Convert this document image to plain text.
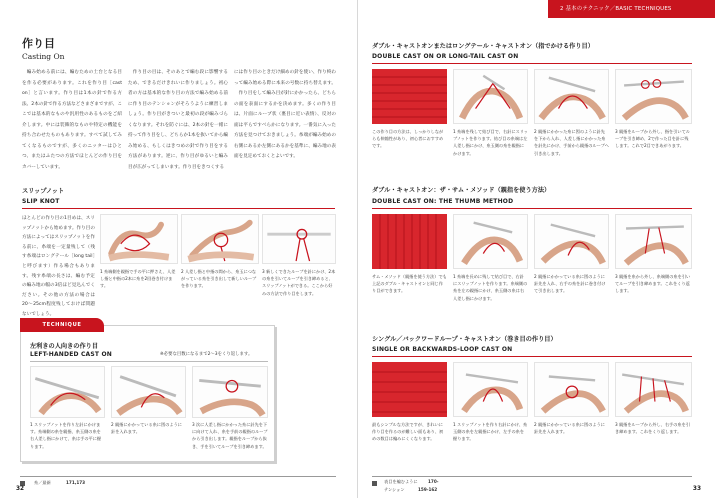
作り目
Casting On
　編み始める前には、編むための土台となる目を作る必要があります。これを作り目［cast on］と言います。作り目は1本の針で作る方法、2本の針で作る方法などさまざまですが、ここでは基本的なものや汎用性のあるものをご紹介します。中には装飾的なものや特定の機能を持ち合わせたものもあります。すべて試してみてくなるものですが、多くのニッターはひとつ、またはふたつの方法でほとんどの作り目をカバーしています。
　作り目の目は、そのあとで編む段に影響するため、できるだけきれいに作りましょう。初心者の方は基本的な作り目の方法で編み始める前に作り目のテンションがそろうように練習しましょう。作り目がきついと最初の段が編みづらくなります。それを防ぐには、2本の針を一緒に持って作り目をし、どちらか1本を抜いてから編み始める、もしくはきつめの針で作り目をする方法があります。逆に、作り目がゆるいと編み目が広がってしまいます。作り目をきつくする
には作り目のときだけ細めの針を使い、作り終わって編み始める際に本来の号数に持ち替えます。 　作り目をして編み目が針にかかったら、どちらの面を表面にするかを決めます。多くの作り目は、片面にループ状（裏目に近い表情）、反対の面は平らですべらかになります。一番気に入った方法を見つけておきましょう。糸端が編み始めの右側にあるか左側にあるかを基準に、編み地の表面を見定めておくとよいです。
スリップノット
SLIP KNOT
ほとんどの作り目の1目めは、スリップノットから始めます。作り目の方法によってはスリップノットを作る前に、糸端を一定量残して（残す糸端はロングテール［long tail］と呼びます）作る場合もあります。残す糸端の長さは、編む予定の編み地の幅の3倍ほど見込んでください。その他の方法の場合は20〜25cm程度残しておけば問題ないでしょう。
1 糸端側を親指で手の平に押さえ、人差し指と中指の2本に糸を2回巻き付けます。
2 人差し指と中指の間から、糸玉につながっている糸を引き出して新しいループを作ります。
3 新しくできたループを針にかけ、2本の糸を引いてループを引き締めると、スリップノットができる。ここから好みの方法で作り目をします。
TECHNIQUE
左利きの人向きの作り目
LEFT-HANDED CAST ON	※必要な目数になるまで2〜3をくり返します。
1 スリップノットを作り左針にかけます。糸端側の糸を親指、糸玉側の糸を右人差し指にかけて、糸は手の平に握ります。
2 親指にかかっている糸に図のように針を入れます。
3 次に人差し指にかかった糸に針先を下に向けて入れ、糸を手前の親指のループから引き出します。親指をループから抜き、手を引いてループを引き締めます。
糸／最新	171,173
32
2 基本のテクニック／BASIC TECHNIQUES
ダブル・キャストオンまたはロングテール・キャストオン（指でかける作り目）
DOUBLE CAST ON OR LONG-TAIL CAST ON
この作り目の方法は、しっかりしながらも伸縮性があり、初心者におすすめです。
1 糸端を残して結び目で、右針にスリップノットを作ります。結び目の糸端は左人差し指にかけ、糸玉側の糸を親指にかけます。
2 親指にかかった糸に図のように針先を下から入れ、人差し指にかかった糸を針先にかけ、手前から親指のループへ引き出します。
3 親指をループから外し、指を引いてループを引き締め、2で作った目を針に残します。これで2目できあがります。
ダブル・キャストオン：ザ・サム・メソッド（親指を使う方法）
DOUBLE CAST ON: THE THUMB METHOD
サム・メソッド（親指を使う方法）でも上記のダブル・キャストオンと同じ作り目ができます。
1 糸端を長めに残して結び目で、右針にスリップノットを作ります。糸端側の糸を左の親指にかけ、糸玉側の糸は右人差し指にかけます。
2 親指にかかっている糸に図のように針先を入れ、右手の糸を針に巻き付けて引き出します。
3 親指を糸から外し、糸端側の糸を引いてループを引き締めます。これをくり返します。
シングル／バックワードループ・キャストオン（巻き目の作り目）
SINGLE OR BACKWARDS-LOOP CAST ON
最もシンプルな方法ですが、きれいに作り目を作るのが難しい面もあり、初めの数目は編みにくくなります。
1 スリップノットを作り右針にかけ、糸玉側の糸を左親指にかけ、左手の糸を握ります。
2 親指にかかっている糸に図のように針先を入れます。
3 親指をループから外し、右手の糸を引き締めます。これをくり返します。
表目を編むように 170-
テンション	159-162	33
